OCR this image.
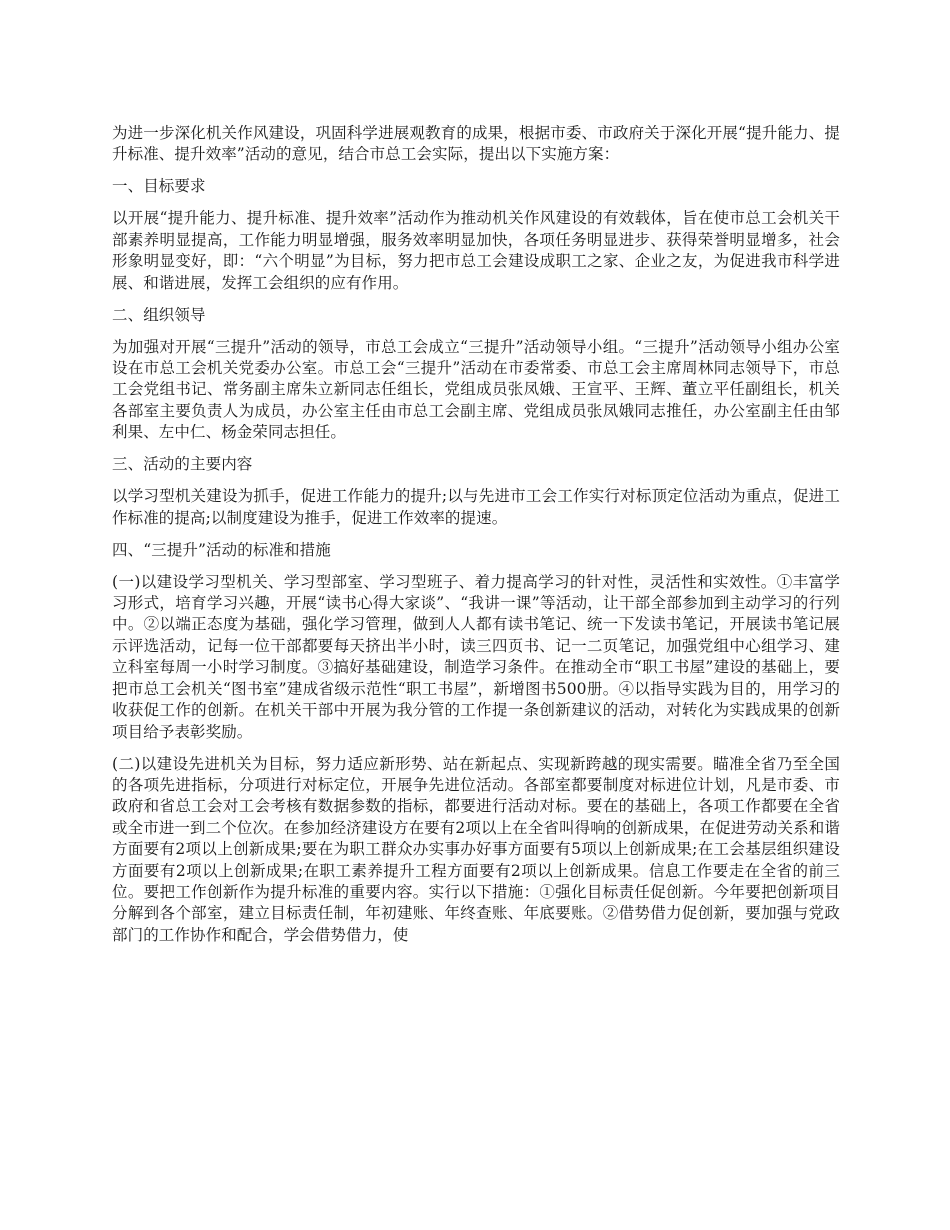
为进一步深化机关作风建设，巩固科学进展观教育的成果，根据市委、市政府关于深化开展“提升能力、提升标准、提升效率”活动的意见，结合市总工会实际，提出以下实施方案：

一、目标要求

以开展“提升能力、提升标准、提升效率”活动作为推动机关作风建设的有效载体，旨在使市总工会机关干部素养明显提高，工作能力明显增强，服务效率明显加快，各项任务明显进步、获得荣誉明显增多，社会形象明显变好，即：“六个明显”为目标，努力把市总工会建设成职工之家、企业之友，为促进我市科学进展、和谐进展，发挥工会组织的应有作用。

二、组织领导

为加强对开展“三提升”活动的领导，市总工会成立“三提升”活动领导小组。“三提升”活动领导小组办公室设在市总工会机关党委办公室。市总工会“三提升”活动在市委常委、市总工会主席周林同志领导下，市总工会党组书记、常务副主席朱立新同志任组长，党组成员张凤娥、王宣平、王辉、董立平任副组长，机关各部室主要负责人为成员，办公室主任由市总工会副主席、党组成员张凤娥同志推任，办公室副主任由邹利果、左中仁、杨金荣同志担任。

三、活动的主要内容

以学习型机关建设为抓手，促进工作能力的提升;以与先进市工会工作实行对标顶定位活动为重点，促进工作标准的提高;以制度建设为推手，促进工作效率的提速。

四、“三提升”活动的标准和措施

(一)以建设学习型机关、学习型部室、学习型班子、着力提高学习的针对性，灵活性和实效性。①丰富学习形式，培育学习兴趣，开展“读书心得大家谈”、“我讲一课”等活动，让干部全部参加到主动学习的行列中。②以端正态度为基础，强化学习管理，做到人人都有读书笔记、统一下发读书笔记，开展读书笔记展示评选活动，记每一位干部都要每天挤出半小时，读三四页书、记一二页笔记，加强党组中心组学习、建立科室每周一小时学习制度。③搞好基础建设，制造学习条件。在推动全市“职工书屋”建设的基础上，要把市总工会机关“图书室”建成省级示范性“职工书屋”，新增图书500册。④以指导实践为目的，用学习的收获促工作的创新。在机关干部中开展为我分管的工作提一条创新建议的活动，对转化为实践成果的创新项目给予表彰奖励。

(二)以建设先进机关为目标，努力适应新形势、站在新起点、实现新跨越的现实需要。瞄准全省乃至全国的各项先进指标，分项进行对标定位，开展争先进位活动。各部室都要制度对标进位计划，凡是市委、市政府和省总工会对工会考核有数据参数的指标，都要进行活动对标。要在的基础上，各项工作都要在全省或全市进一到二个位次。在参加经济建设方在要有2项以上在全省叫得响的创新成果，在促进劳动关系和谐方面要有2项以上创新成果;要在为职工群众办实事办好事方面要有5项以上创新成果;在工会基层组织建设方面要有2项以上创新成果;在职工素养提升工程方面要有2项以上创新成果。信息工作要走在全省的前三位。要把工作创新作为提升标准的重要内容。实行以下措施：①强化目标责任促创新。今年要把创新项目分解到各个部室，建立目标责任制，年初建账、年终查账、年底要账。②借势借力促创新，要加强与党政部门的工作协作和配合，学会借势借力，使
